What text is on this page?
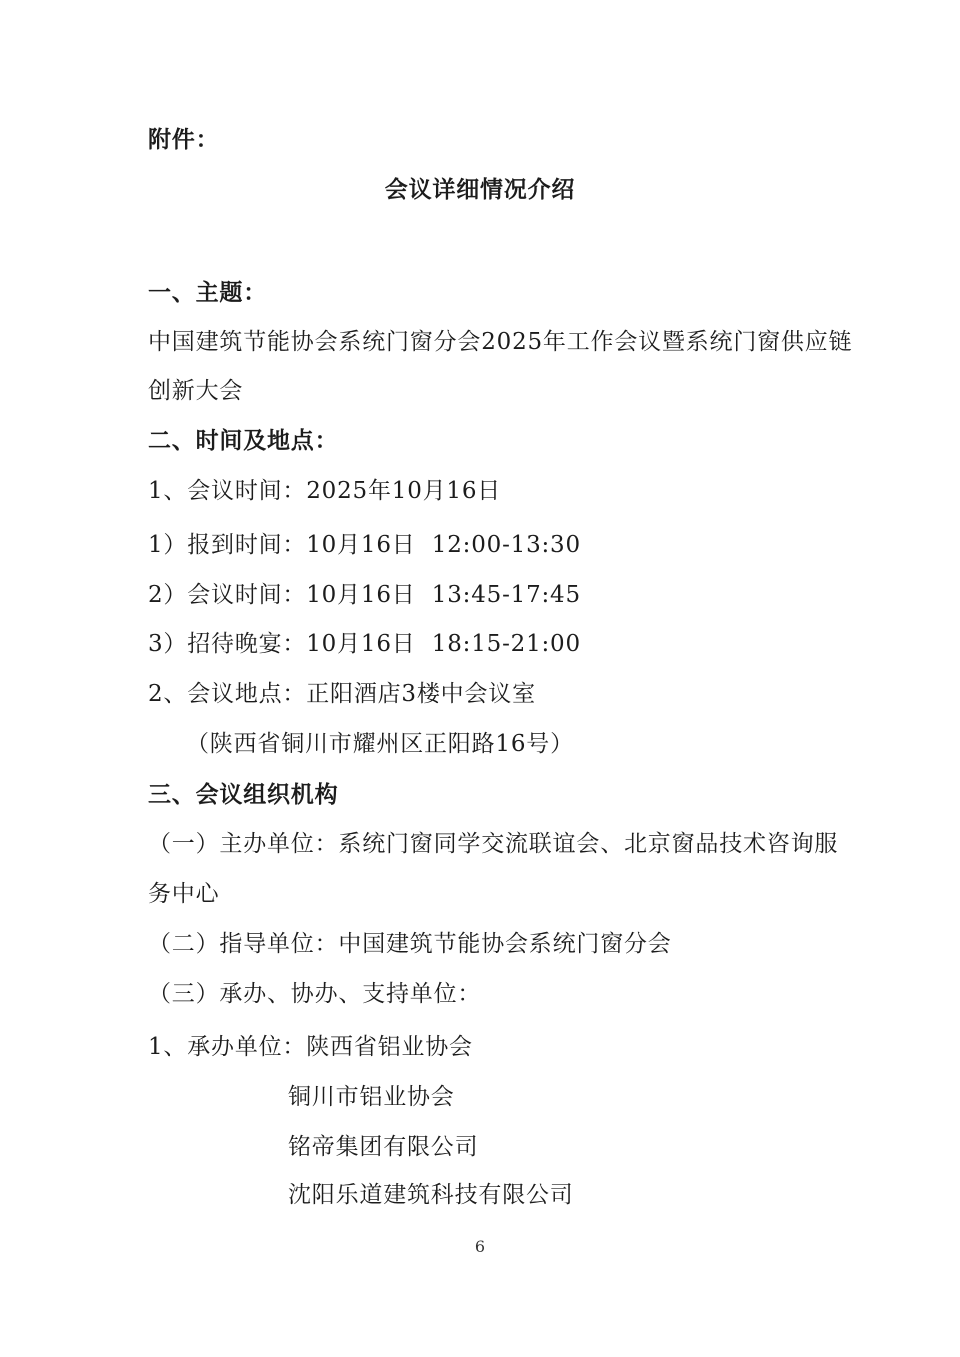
附件：
会议详细情况介绍
一、主题：
中国建筑节能协会系统门窗分会2025年工作会议暨系统门窗供应链
创新大会
二、时间及地点：
1、会议时间：2025年10月16日
1）报到时间：10月16日  12:00-13:30
2）会议时间：10月16日  13:45-17:45
3）招待晚宴：10月16日  18:15-21:00
2、会议地点：正阳酒店3楼中会议室
（陕西省铜川市耀州区正阳路16号）
三、会议组织机构
（一）主办单位：系统门窗同学交流联谊会、北京窗品技术咨询服
务中心
（二）指导单位：中国建筑节能协会系统门窗分会
（三）承办、协办、支持单位：
1、承办单位：陕西省铝业协会
铜川市铝业协会
铭帝集团有限公司
沈阳乐道建筑科技有限公司
6
